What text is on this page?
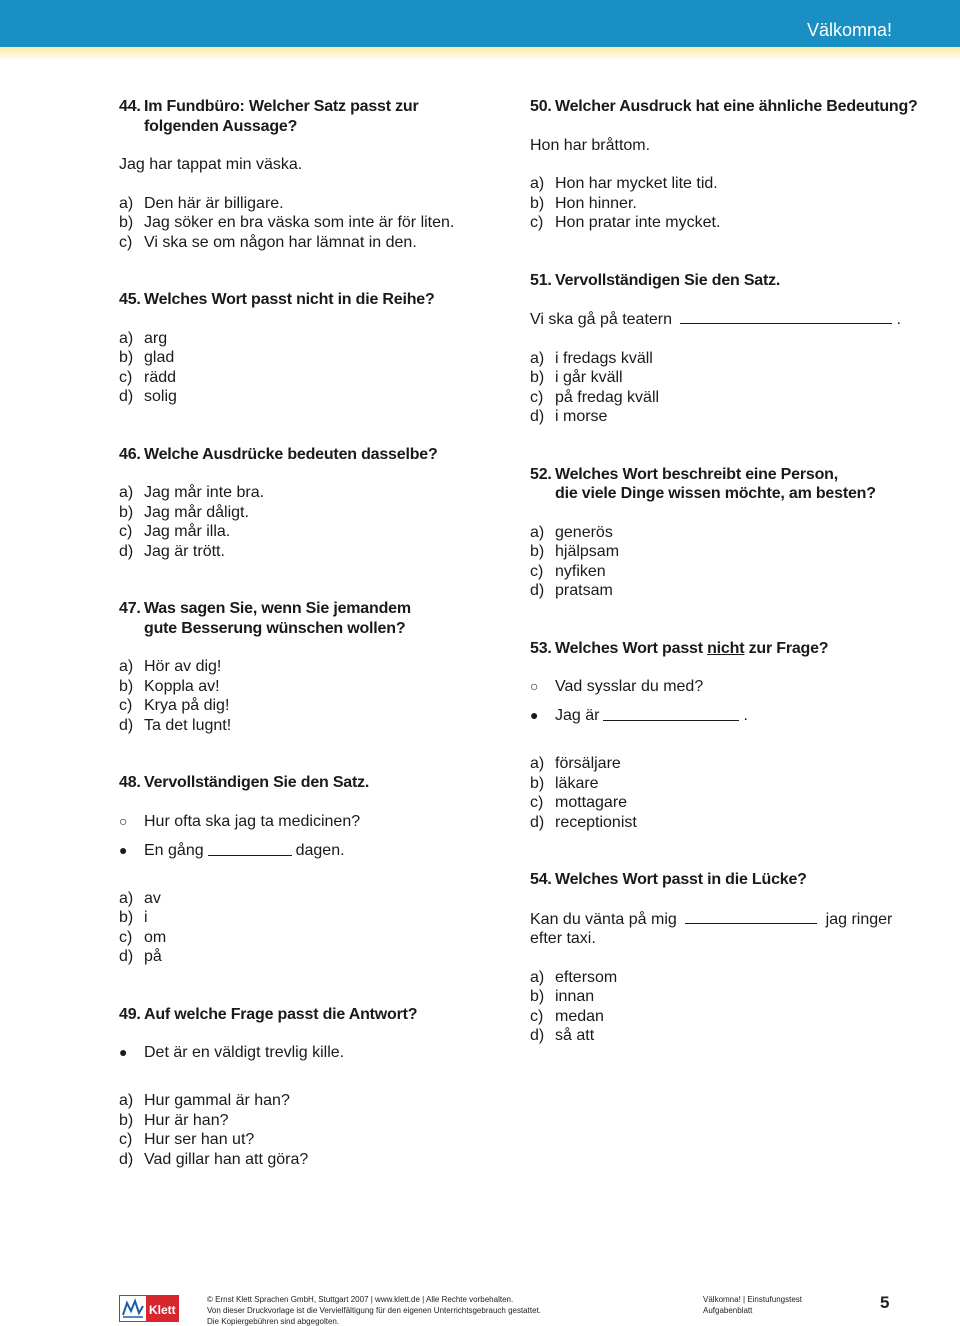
Välkomna!
44. Im Fundbüro: Welcher Satz passt zur
folgenden Aussage?
Jag har tappat min väska.
a) Den här är billigare.
b) Jag söker en bra väska som inte är för liten.
c) Vi ska se om någon har lämnat in den.
45. Welches Wort passt nicht in die Reihe?
a) arg
b) glad
c) rädd
d) solig
46. Welche Ausdrücke bedeuten dasselbe?
a) Jag mår inte bra.
b) Jag mår dåligt.
c) Jag mår illa.
d) Jag är trött.
47. Was sagen Sie, wenn Sie jemandem
gute Besserung wünschen wollen?
a) Hör av dig!
b) Koppla av!
c) Krya på dig!
d) Ta det lugnt!
48. Vervollständigen Sie den Satz.
○	Hur ofta ska jag ta medicinen?
●	En gång	dagen.
a) av
b) i
c) om
d) på
49. Auf welche Frage passt die Antwort?
●	Det är en väldigt trevlig kille.
a) Hur gammal är han?
b) Hur är han?
c) Hur ser han ut?
d) Vad gillar han att göra?
50. Welcher Ausdruck hat eine ähnliche Bedeutung?
Hon har bråttom.
a) Hon har mycket lite tid.
b) Hon hinner.
c) Hon pratar inte mycket.
51. Vervollständigen Sie den Satz.
Vi ska gå på teatern	.
a) i fredags kväll
b) i går kväll
c) på fredag kväll
d) i morse
52. Welches Wort beschreibt eine Person,
die viele Dinge wissen möchte, am besten?
a) generös
b) hjälpsam
c) nyfiken
d) pratsam
53. Welches Wort passt nicht zur Frage?
○	Vad sysslar du med?
●	Jag är	.
a) försäljare
b) läkare
c) mottagare
d) receptionist
54. Welches Wort passt in die Lücke?
Kan du vänta på mig	jag ringer
efter taxi.
a) eftersom
b) innan
c) medan
d) så att
Klett
© Ernst Klett Sprachen GmbH, Stuttgart 2007 | www.klett.de | Alle Rechte vorbehalten.
Von dieser Druckvorlage ist die Vervielfältigung für den eigenen Unterrichtsgebrauch gestattet.
Die Kopiergebühren sind abgegolten.
Välkomna! | Einstufungstest
Aufgabenblatt	5
